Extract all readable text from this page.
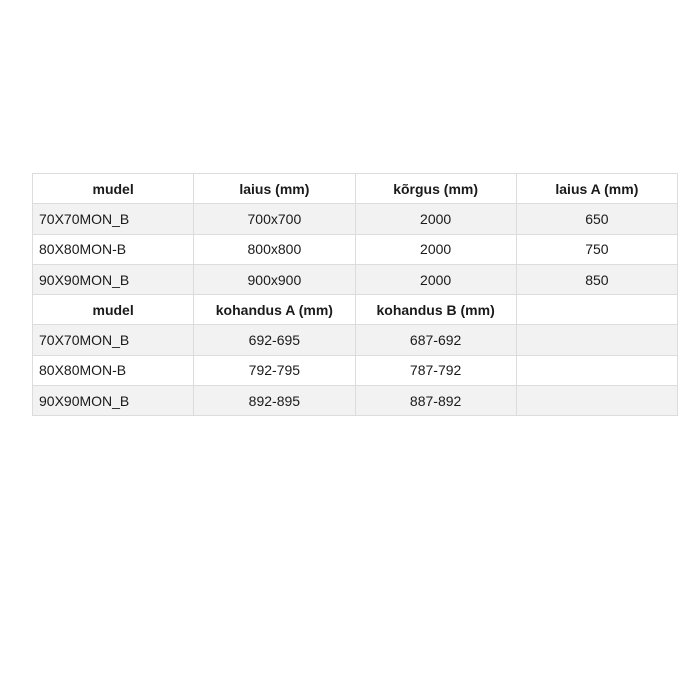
mudel	laius (mm)	kõrgus (mm)	laius A (mm)
70X70MON_B	700x700	2000	650
80X80MON-B	800x800	2000	750
90X90MON_B	900x900	2000	850
mudel	kohandus A (mm)	kohandus B (mm)	
70X70MON_B	692-695	687-692	
80X80MON-B	792-795	787-792	
90X90MON_B	892-895	887-892	
